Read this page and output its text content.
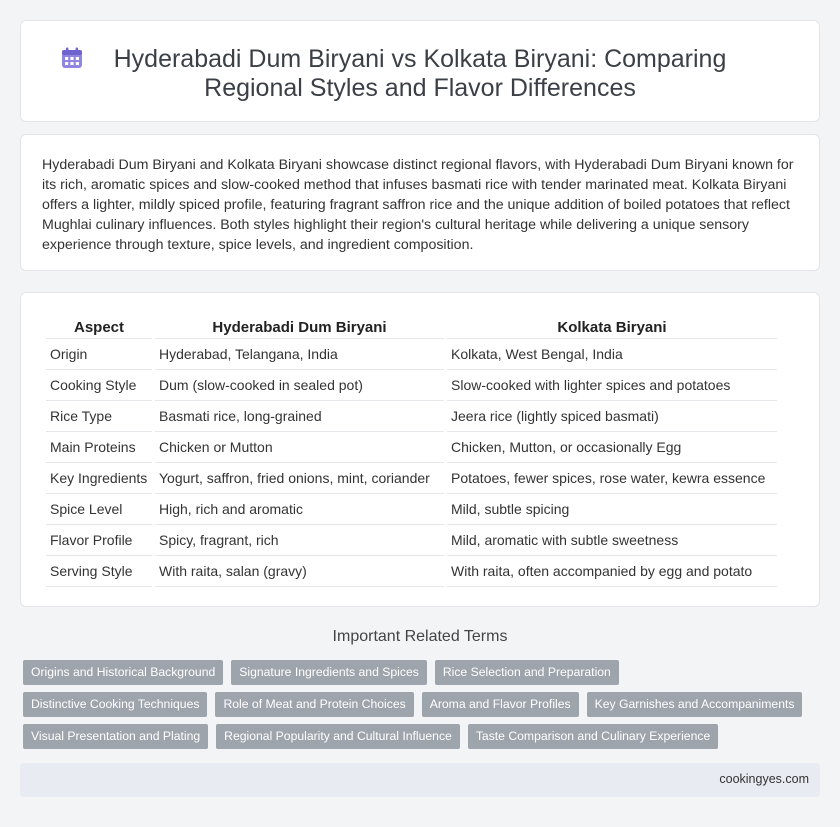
Hyderabadi Dum Biryani vs Kolkata Biryani: Comparing Regional Styles and Flavor Differences

Hyderabadi Dum Biryani and Kolkata Biryani showcase distinct regional flavors, with Hyderabadi Dum Biryani known for its rich, aromatic spices and slow-cooked method that infuses basmati rice with tender marinated meat. Kolkata Biryani offers a lighter, mildly spiced profile, featuring fragrant saffron rice and the unique addition of boiled potatoes that reflect Mughlai culinary influences. Both styles highlight their region's cultural heritage while delivering a unique sensory experience through texture, spice levels, and ingredient composition.

Aspect	Hyderabadi Dum Biryani	Kolkata Biryani
Origin	Hyderabad, Telangana, India	Kolkata, West Bengal, India
Cooking Style	Dum (slow-cooked in sealed pot)	Slow-cooked with lighter spices and potatoes
Rice Type	Basmati rice, long-grained	Jeera rice (lightly spiced basmati)
Main Proteins	Chicken or Mutton	Chicken, Mutton, or occasionally Egg
Key Ingredients	Yogurt, saffron, fried onions, mint, coriander	Potatoes, fewer spices, rose water, kewra essence
Spice Level	High, rich and aromatic	Mild, subtle spicing
Flavor Profile	Spicy, fragrant, rich	Mild, aromatic with subtle sweetness
Serving Style	With raita, salan (gravy)	With raita, often accompanied by egg and potato
Important Related Terms
Origins and Historical Background	Signature Ingredients and Spices	Rice Selection and Preparation
Distinctive Cooking Techniques	Role of Meat and Protein Choices	Aroma and Flavor Profiles	Key Garnishes and Accompaniments
Visual Presentation and Plating	Regional Popularity and Cultural Influence	Taste Comparison and Culinary Experience
cookingyes.com
